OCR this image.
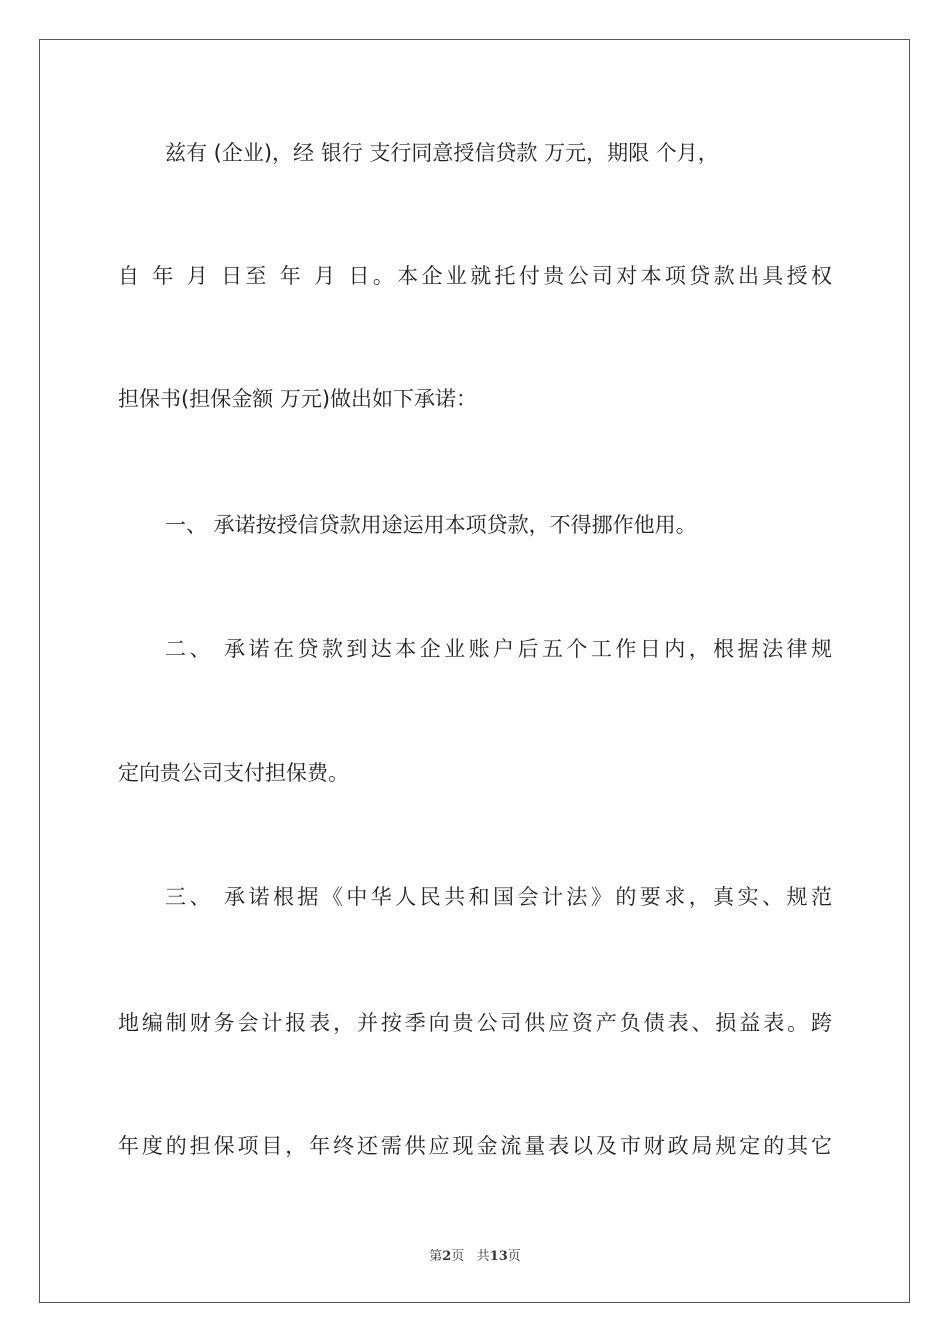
兹有 (企业)，经 银行 支行同意授信贷款 万元，期限 个月，
自 年 月 日至 年 月 日。本企业就托付贵公司对本项贷款出具授权
担保书(担保金额 万元)做出如下承诺：
一、 承诺按授信贷款用途运用本项贷款，不得挪作他用。
二、 承诺在贷款到达本企业账户后五个工作日内，根据法律规
定向贵公司支付担保费。
三、 承诺根据《中华人民共和国会计法》的要求，真实、规范
地编制财务会计报表，并按季向贵公司供应资产负债表、损益表。跨
年度的担保项目，年终还需供应现金流量表以及市财政局规定的其它
第2页 共13页
